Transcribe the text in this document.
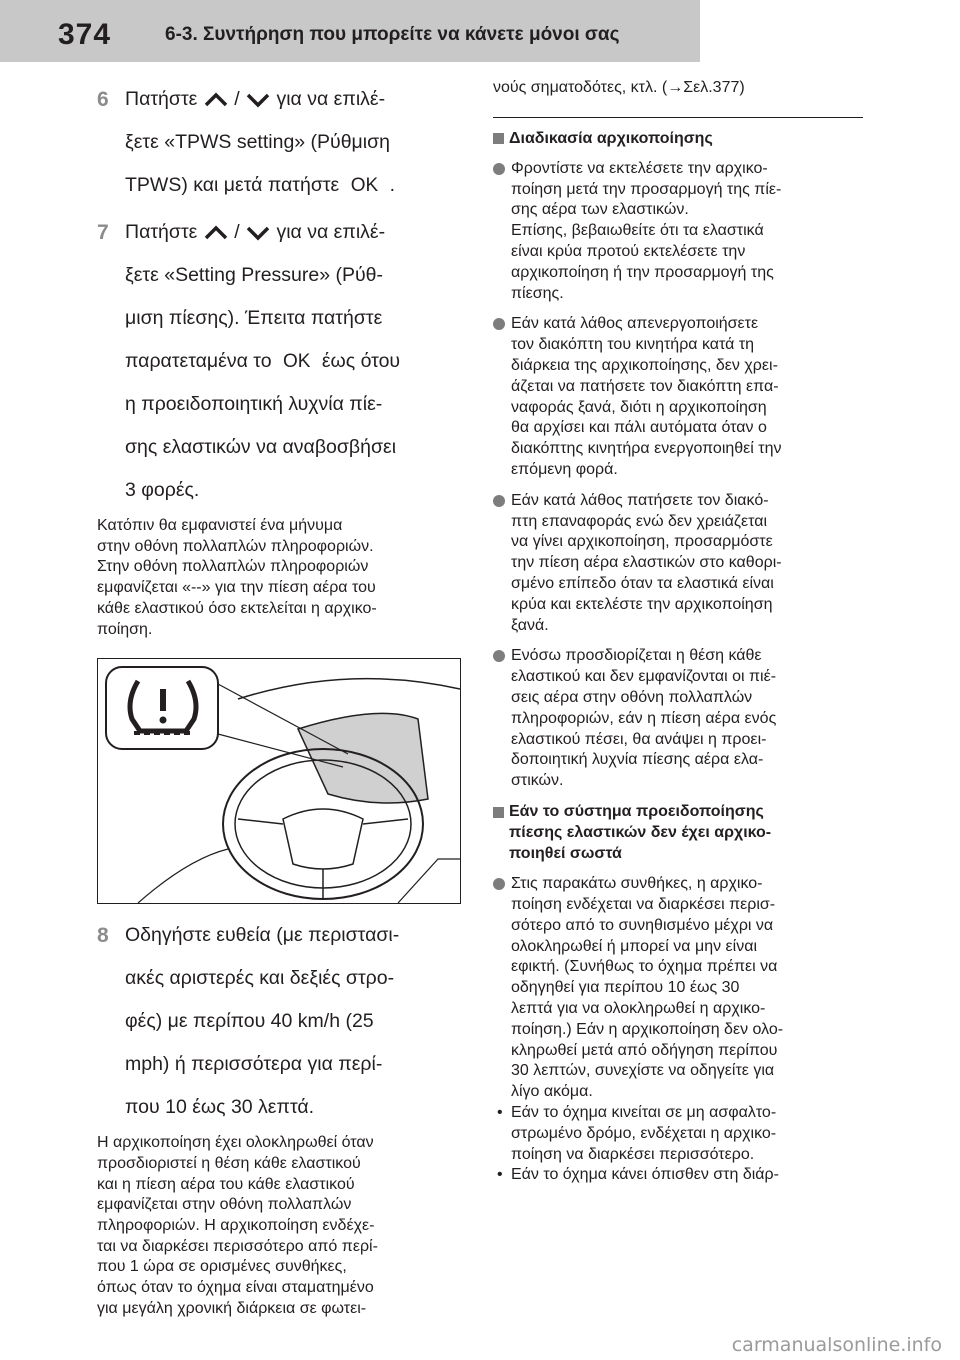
374	6-3. Συντήρηση που μπορείτε να κάνετε μόνοι σας
6 Πατήστε / για να επιλέ-
ξετε «TPWS setting» (Ρύθμιση
TPWS) και μετά πατήστε OK .
7 Πατήστε / για να επιλέ-
ξετε «Setting Pressure» (Ρύθ-
μιση πίεσης). Έπειτα πατήστε
παρατεταμένα το OK έως ότου
η προειδοποιητική λυχνία πίε-
σης ελαστικών να αναβοσβήσει
3 φορές.
Κατόπιν θα εμφανιστεί ένα μήνυμα
στην οθόνη πολλαπλών πληροφοριών.
Στην οθόνη πολλαπλών πληροφοριών
εμφανίζεται «--» για την πίεση αέρα του
κάθε ελαστικού όσο εκτελείται η αρχικο-
ποίηση.
8 Οδηγήστε ευθεία (με περιστασι-
ακές αριστερές και δεξιές στρο-
φές) με περίπου 40 km/h (25
mph) ή περισσότερα για περί-
που 10 έως 30 λεπτά.
Η αρχικοποίηση έχει ολοκληρωθεί όταν
προσδιοριστεί η θέση κάθε ελαστικού
και η πίεση αέρα του κάθε ελαστικού
εμφανίζεται στην οθόνη πολλαπλών
πληροφοριών. Η αρχικοποίηση ενδέχε-
ται να διαρκέσει περισσότερο από περί-
που 1 ώρα σε ορισμένες συνθήκες,
όπως όταν το όχημα είναι σταματημένο
για μεγάλη χρονική διάρκεια σε φωτει-
νούς σηματοδότες, κτλ. (→Σελ.377)
Διαδικασία αρχικοποίησης
Φροντίστε να εκτελέσετε την αρχικο-
ποίηση μετά την προσαρμογή της πίε-
σης αέρα των ελαστικών.
Επίσης, βεβαιωθείτε ότι τα ελαστικά
είναι κρύα προτού εκτελέσετε την
αρχικοποίηση ή την προσαρμογή της
πίεσης.
Εάν κατά λάθος απενεργοποιήσετε
τον διακόπτη του κινητήρα κατά τη
διάρκεια της αρχικοποίησης, δεν χρει-
άζεται να πατήσετε τον διακόπτη επα-
ναφοράς ξανά, διότι η αρχικοποίηση
θα αρχίσει και πάλι αυτόματα όταν ο
διακόπτης κινητήρα ενεργοποιηθεί την
επόμενη φορά.
Εάν κατά λάθος πατήσετε τον διακό-
πτη επαναφοράς ενώ δεν χρειάζεται
να γίνει αρχικοποίηση, προσαρμόστε
την πίεση αέρα ελαστικών στο καθορι-
σμένο επίπεδο όταν τα ελαστικά είναι
κρύα και εκτελέστε την αρχικοποίηση
ξανά.
Ενόσω προσδιορίζεται η θέση κάθε
ελαστικού και δεν εμφανίζονται οι πιέ-
σεις αέρα στην οθόνη πολλαπλών
πληροφοριών, εάν η πίεση αέρα ενός
ελαστικού πέσει, θα ανάψει η προει-
δοποιητική λυχνία πίεσης αέρα ελα-
στικών.
Εάν το σύστημα προειδοποίησης
πίεσης ελαστικών δεν έχει αρχικο-
ποιηθεί σωστά
Στις παρακάτω συνθήκες, η αρχικο-
ποίηση ενδέχεται να διαρκέσει περισ-
σότερο από το συνηθισμένο μέχρι να
ολοκληρωθεί ή μπορεί να μην είναι
εφικτή. (Συνήθως το όχημα πρέπει να
οδηγηθεί για περίπου 10 έως 30
λεπτά για να ολοκληρωθεί η αρχικο-
ποίηση.) Εάν η αρχικοποίηση δεν ολο-
κληρωθεί μετά από οδήγηση περίπου
30 λεπτών, συνεχίστε να οδηγείτε για
λίγο ακόμα.
• Εάν το όχημα κινείται σε μη ασφαλτο-
στρωμένο δρόμο, ενδέχεται η αρχικο-
ποίηση να διαρκέσει περισσότερο.
• Εάν το όχημα κάνει όπισθεν στη διάρ-
carmanualsonline.info
